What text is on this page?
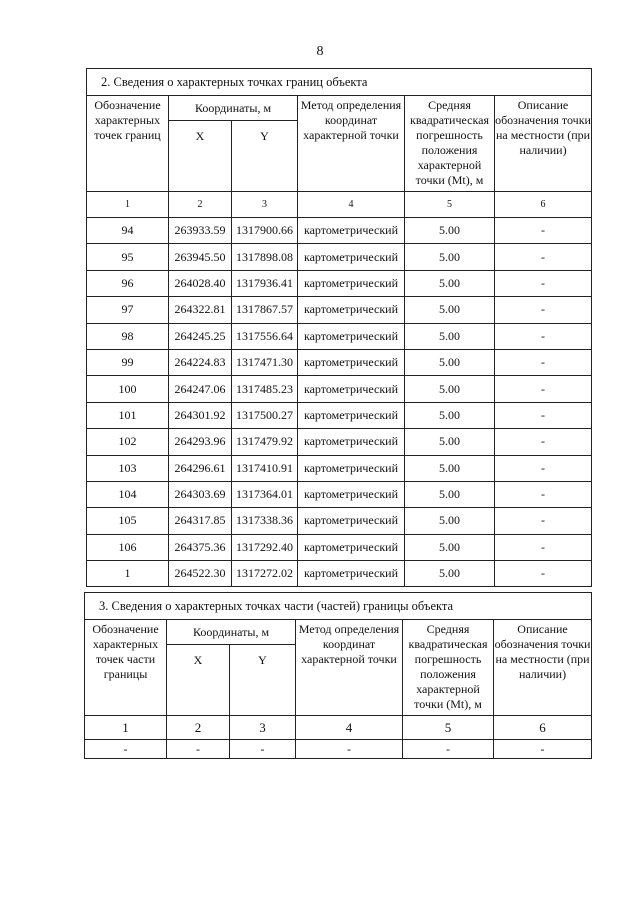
8
2. Сведения о характерных точках границ объекта					
Обозначение характерных точек границ	Координаты, м		Метод определения координат характерной точки	Средняя квадратическая погрешность положения характерной точки (Mt), м	Описание обозначения точки на местности (при наличии)
	X	Y			
1	2	3	4	5	6
94	263933.59	1317900.66	картометрический	5.00	-
95	263945.50	1317898.08	картометрический	5.00	-
96	264028.40	1317936.41	картометрический	5.00	-
97	264322.81	1317867.57	картометрический	5.00	-
98	264245.25	1317556.64	картометрический	5.00	-
99	264224.83	1317471.30	картометрический	5.00	-
100	264247.06	1317485.23	картометрический	5.00	-
101	264301.92	1317500.27	картометрический	5.00	-
102	264293.96	1317479.92	картометрический	5.00	-
103	264296.61	1317410.91	картометрический	5.00	-
104	264303.69	1317364.01	картометрический	5.00	-
105	264317.85	1317338.36	картометрический	5.00	-
106	264375.36	1317292.40	картометрический	5.00	-
1	264522.30	1317272.02	картометрический	5.00	-
3. Сведения о характерных точках части (частей) границы объекта					
Обозначение характерных точек части границы	Координаты, м		Метод определения координат характерной точки	Средняя квадратическая погрешность положения характерной точки (Mt), м	Описание обозначения точки на местности (при наличии)
	X	Y			
1	2	3	4	5	6
-	-	-	-	-	-
